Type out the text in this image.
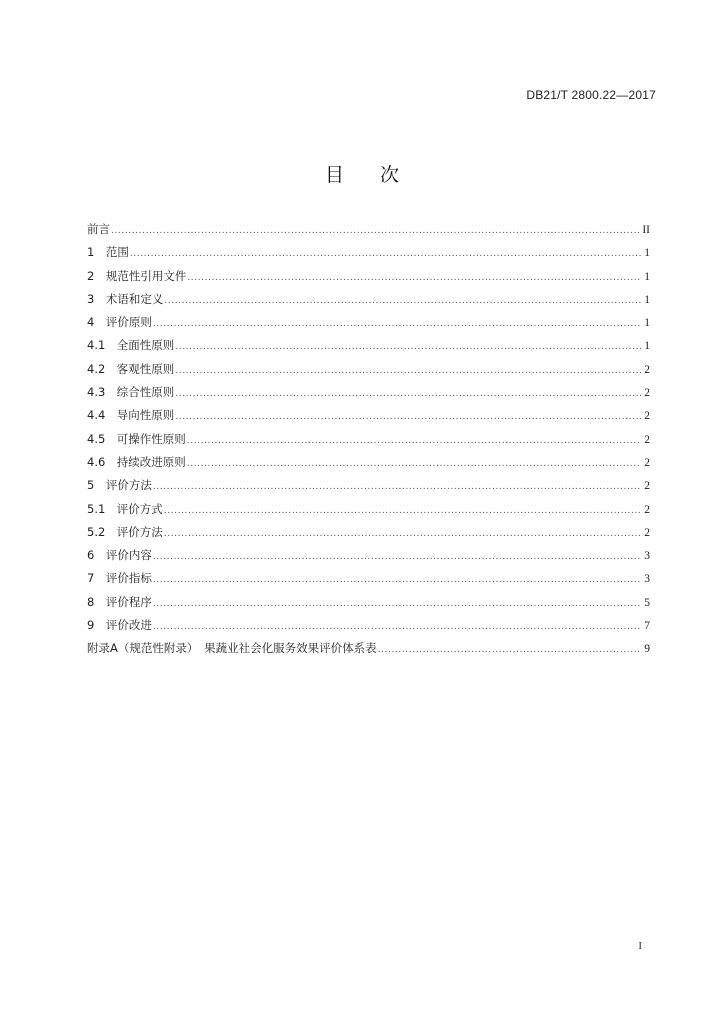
DB21/T 2800.22—2017
目次
前言 .....	II
1　 范围 .....	1
2　 规范性引用文件 .....	1
3　 术语和定义 .....	1
4　 评价原则 .....	1
4.1　 全面性原则 .....	1
4.2　 客观性原则 .....	2
4.3　 综合性原则 .....	2
4.4　 导向性原则 .....	2
4.5　 可操作性原则 .....	2
4.6　 持续改进原则 .....	2
5　 评价方法 .....	2
5.1　 评价方式 .....	2
5.2　 评价方法 .....	2
6　 评价内容 .....	3
7　 评价指标 .....	3
8　 评价程序 .....	5
9　 评价改进 .....	7
附录A（规范性附录）　 果蔬业社会化服务效果评价体系表 .....	9
I
